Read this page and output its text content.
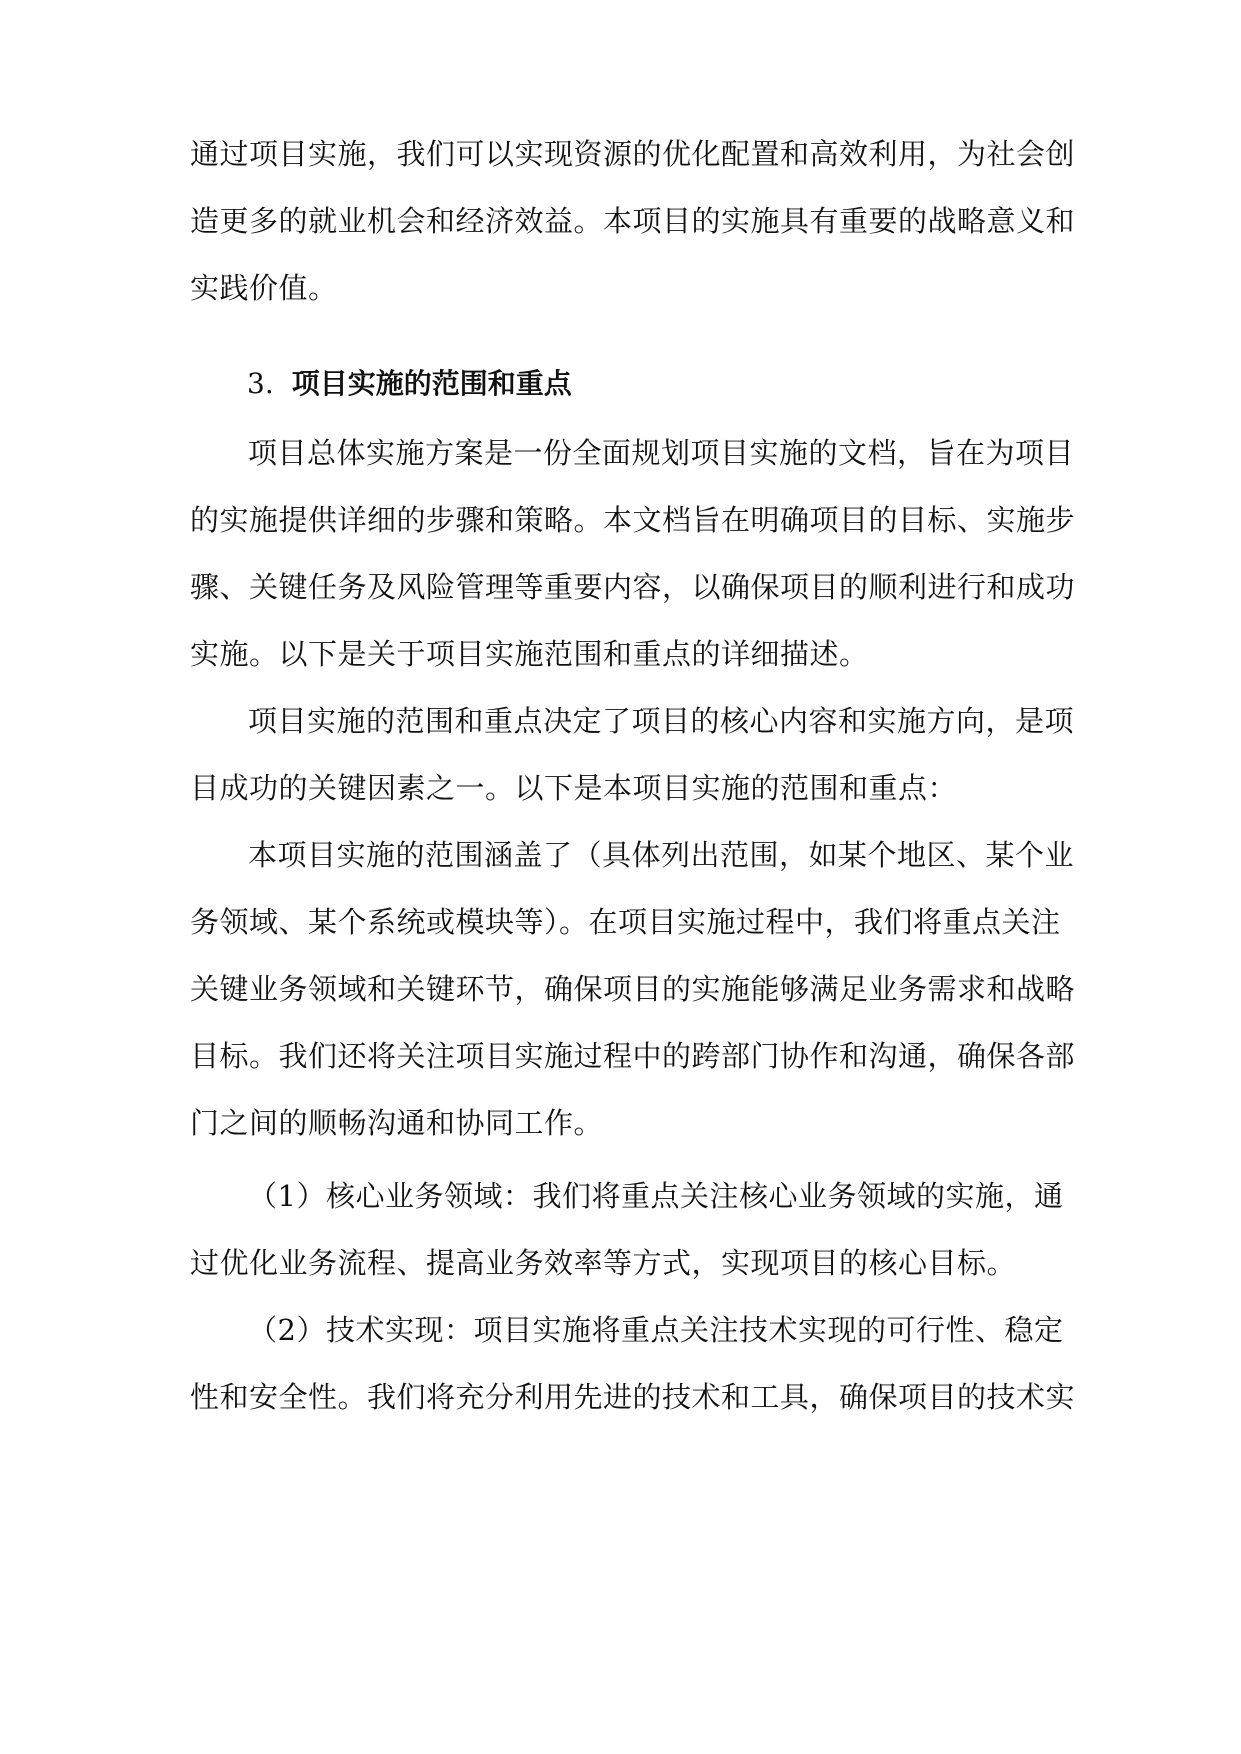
通过项目实施，我们可以实现资源的优化配置和高效利用，为社会创
造更多的就业机会和经济效益。本项目的实施具有重要的战略意义和
实践价值。
3. 项目实施的范围和重点
项目总体实施方案是一份全面规划项目实施的文档，旨在为项目
的实施提供详细的步骤和策略。本文档旨在明确项目的目标、实施步
骤、关键任务及风险管理等重要内容，以确保项目的顺利进行和成功
实施。以下是关于项目实施范围和重点的详细描述。
项目实施的范围和重点决定了项目的核心内容和实施方向，是项
目成功的关键因素之一。以下是本项目实施的范围和重点：
本项目实施的范围涵盖了（具体列出范围，如某个地区、某个业
务领域、某个系统或模块等）。在项目实施过程中，我们将重点关注
关键业务领域和关键环节，确保项目的实施能够满足业务需求和战略
目标。我们还将关注项目实施过程中的跨部门协作和沟通，确保各部
门之间的顺畅沟通和协同工作。
（1）核心业务领域：我们将重点关注核心业务领域的实施，通
过优化业务流程、提高业务效率等方式，实现项目的核心目标。
（2）技术实现：项目实施将重点关注技术实现的可行性、稳定
性和安全性。我们将充分利用先进的技术和工具，确保项目的技术实
